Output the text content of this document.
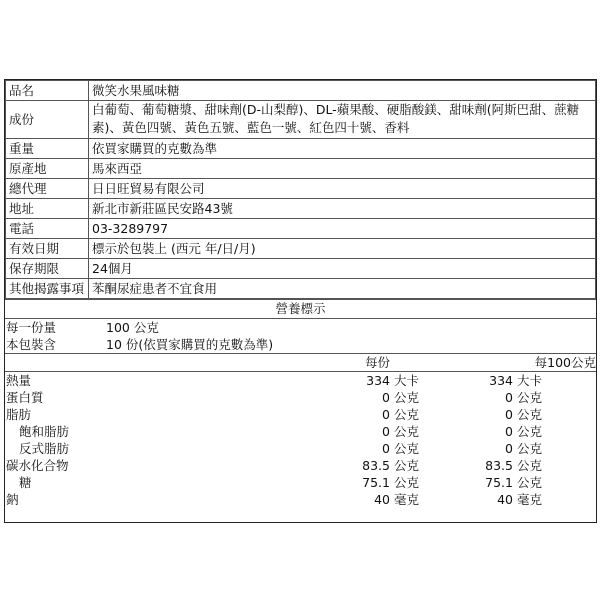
品名	微笑水果風味糖
成份	白葡萄、葡萄糖漿、甜味劑(D-山梨醇)、DL-蘋果酸、硬脂酸鎂、甜味劑(阿斯巴甜、蔗糖素)、黃色四號、黃色五號、藍色一號、紅色四十號、香料
重量	依買家購買的克數為準
原產地	馬來西亞
總代理	日日旺貿易有限公司
地址	新北市新莊區民安路43號
電話	03-3289797
有效日期	標示於包裝上 (西元 年/日/月)
保存期限	24個月
其他揭露事項	苯酮尿症患者不宜食用
營養標示
每一份量	100 公克
本包裝含	10 份(依買家購買的克數為準)
	每份		每100公克	
熱量	334	大卡	334	大卡
蛋白質	0	公克	0	公克
脂肪	0	公克	0	公克
飽和脂肪	0	公克	0	公克
反式脂肪	0	公克	0	公克
碳水化合物	83.5	公克	83.5	公克
糖	75.1	公克	75.1	公克
鈉	40	毫克	40	毫克
